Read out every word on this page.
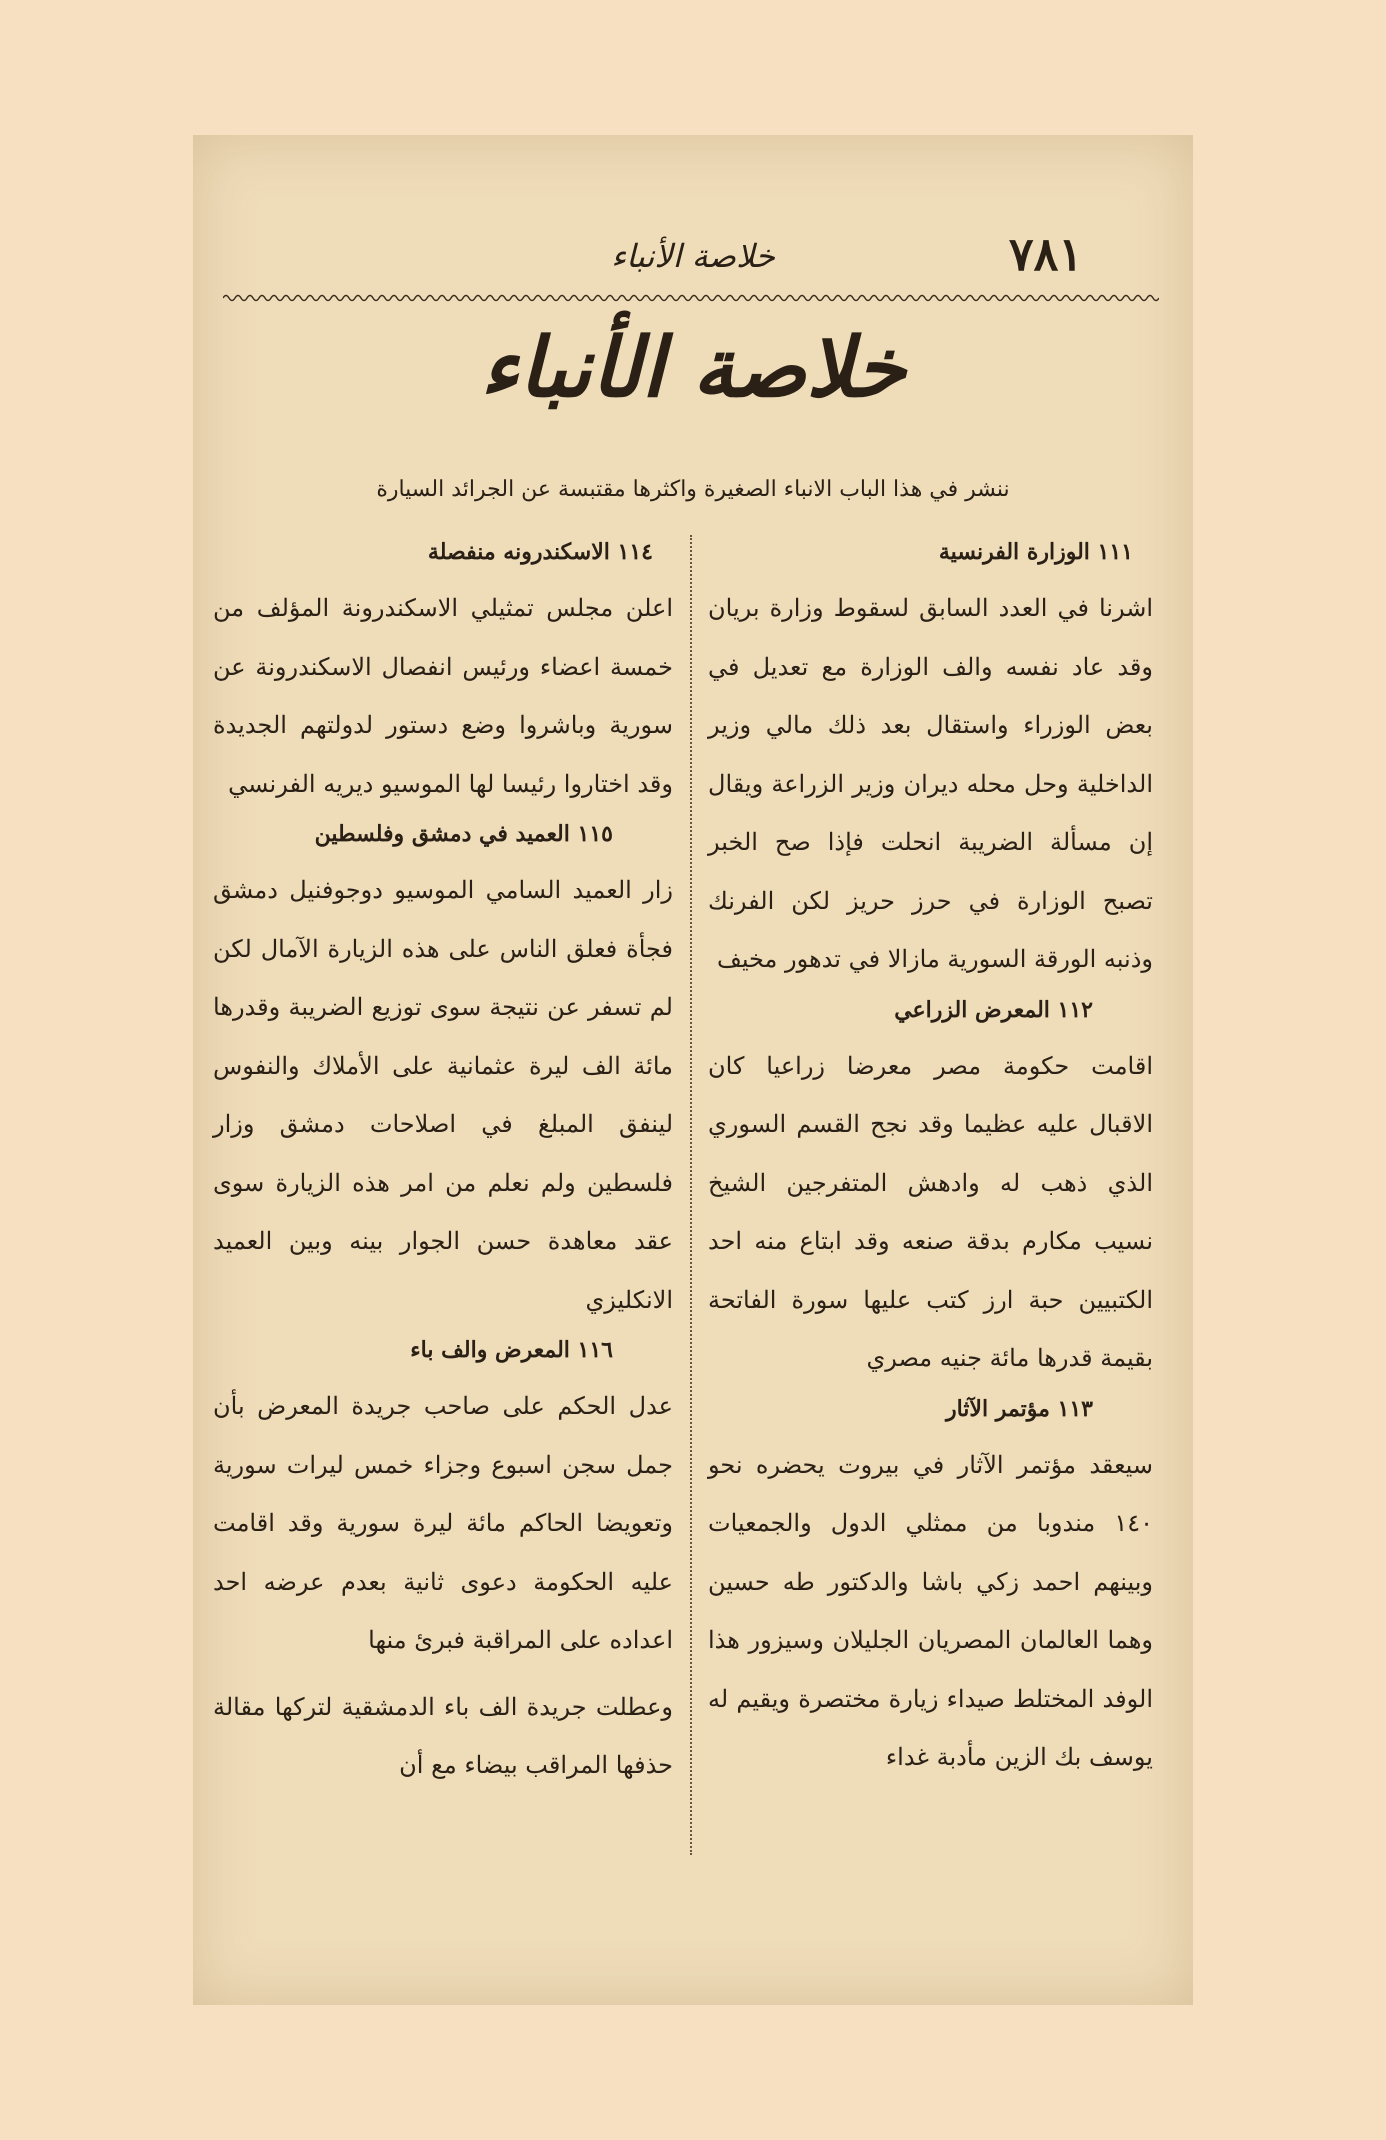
٧٨١
خلاصة الأنباء
خلاصة الأنباء
ننشر في هذا الباب الانباء الصغيرة واكثرها مقتبسة عن الجرائد السيارة
١١١ الوزارة الفرنسية

اشرنا في العدد السابق لسقوط وزارة بريان وقد عاد نفسه والف الوزارة مع تعديل في بعض الوزراء واستقال بعد ذلك مالي وزير الداخلية وحل محله ديران وزير الزراعة ويقال إن مسألة الضريبة انحلت فإذا صح الخبر تصبح الوزارة في حرز حريز لكن الفرنك وذنبه الورقة السورية مازالا في تدهور مخيف

١١٢ المعرض الزراعي

اقامت حكومة مصر معرضا زراعيا كان الاقبال عليه عظيما وقد نجح القسم السوري الذي ذهب له وادهش المتفرجين الشيخ نسيب مكارم بدقة صنعه وقد ابتاع منه احد الكتبيين حبة ارز كتب عليها سورة الفاتحة بقيمة قدرها مائة جنيه مصري

١١٣ مؤتمر الآثار

سيعقد مؤتمر الآثار في بيروت يحضره نحو ١٤٠ مندوبا من ممثلي الدول والجمعيات وبينهم احمد زكي باشا والدكتور طه حسين وهما العالمان المصريان الجليلان وسيزور هذا الوفد المختلط صيداء زيارة مختصرة ويقيم له يوسف بك الزين مأدبة غداء

١١٤ الاسكندرونه منفصلة

اعلن مجلس تمثيلي الاسكندرونة المؤلف من خمسة اعضاء ورئيس انفصال الاسكندرونة عن سورية وباشروا وضع دستور لدولتهم الجديدة وقد اختاروا رئيسا لها الموسيو ديريه الفرنسي

١١٥ العميد في دمشق وفلسطين

زار العميد السامي الموسيو دوجوفنيل دمشق فجأة فعلق الناس على هذه الزيارة الآمال لكن لم تسفر عن نتيجة سوى توزيع الضريبة وقدرها مائة الف ليرة عثمانية على الأملاك والنفوس لينفق المبلغ في اصلاحات دمشق وزار فلسطين ولم نعلم من امر هذه الزيارة سوى عقد معاهدة حسن الجوار بينه وبين العميد الانكليزي

١١٦ المعرض والف باء

عدل الحكم على صاحب جريدة المعرض بأن جمل سجن اسبوع وجزاء خمس ليرات سورية وتعويضا الحاكم مائة ليرة سورية وقد اقامت عليه الحكومة دعوى ثانية بعدم عرضه احد اعداده على المراقبة فبرئ منها

وعطلت جريدة الف باء الدمشقية لتركها مقالة حذفها المراقب بيضاء مع أن
